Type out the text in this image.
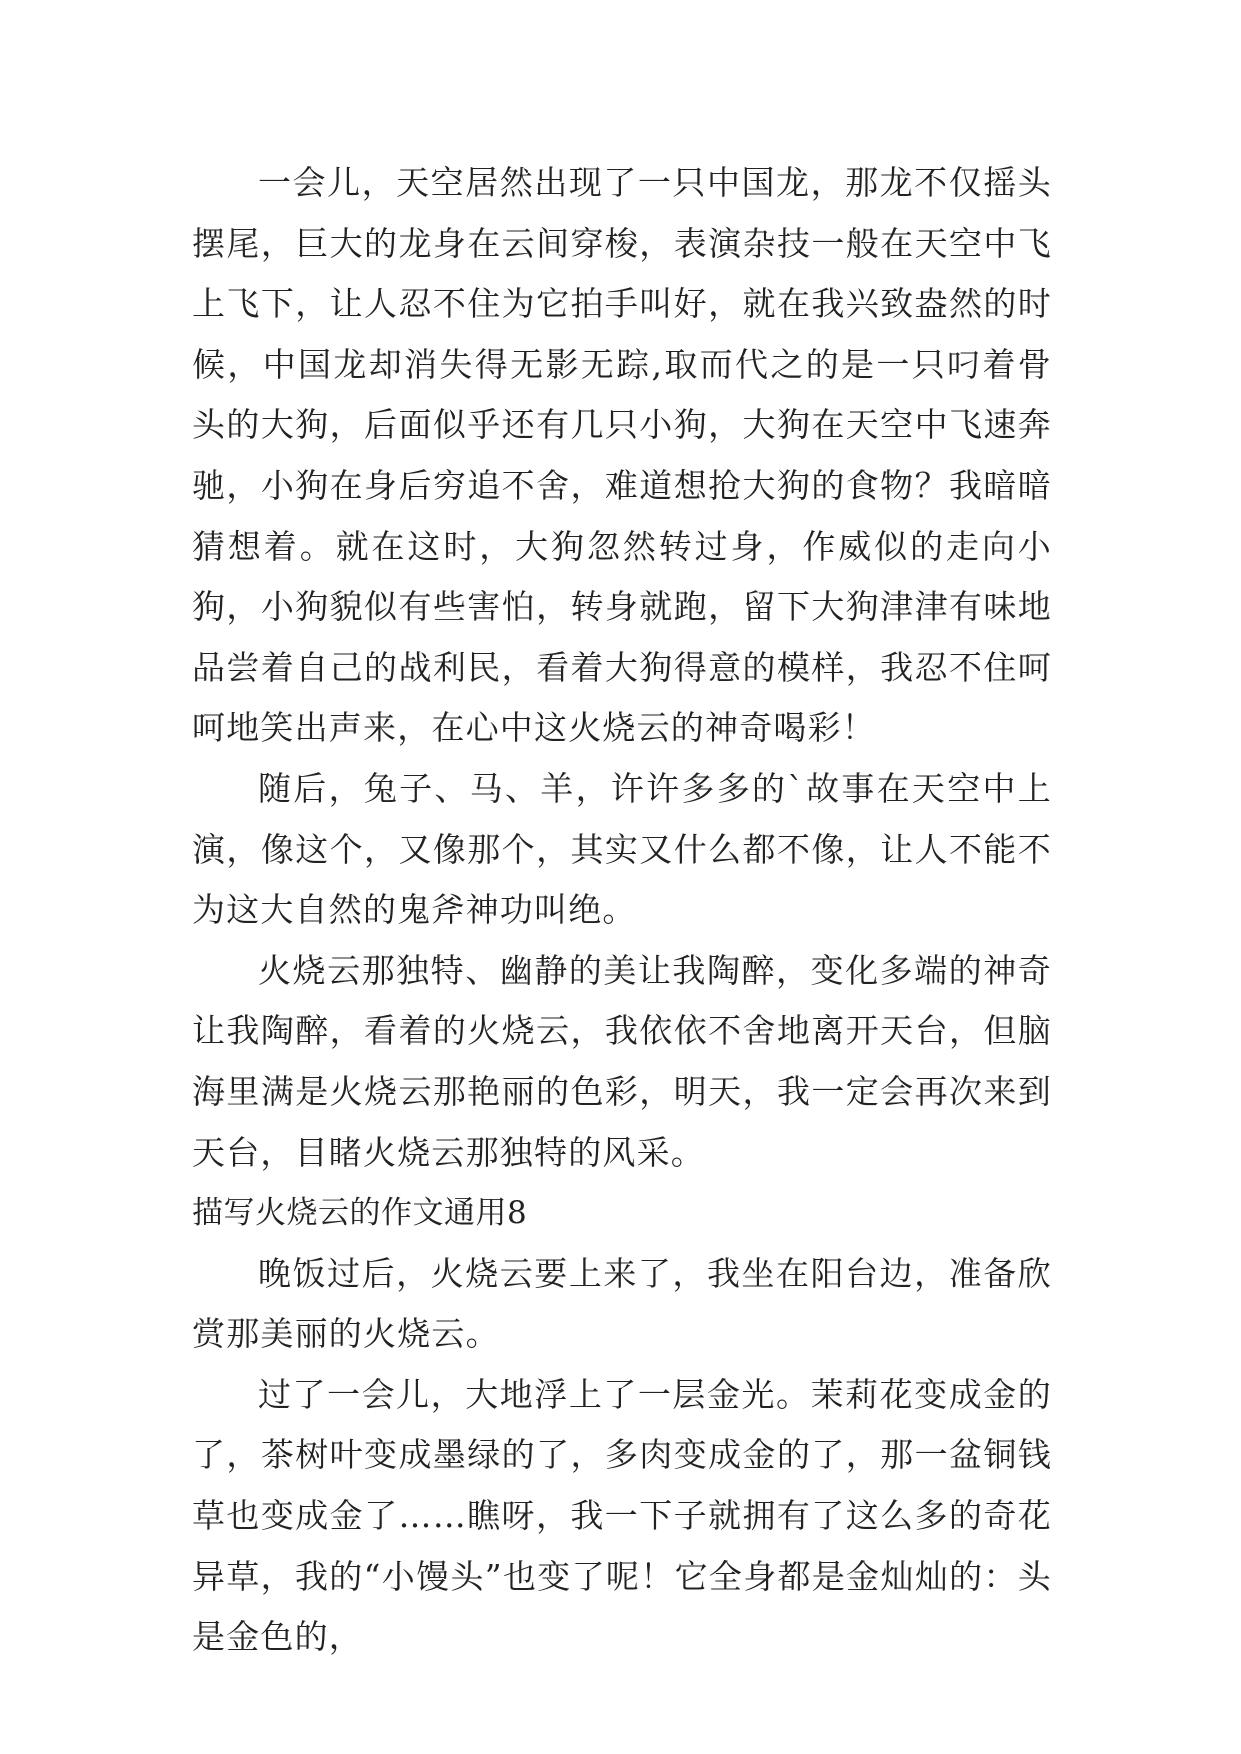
一会儿，天空居然出现了一只中国龙，那龙不仅摇头摆尾，巨大的龙身在云间穿梭，表演杂技一般在天空中飞上飞下，让人忍不住为它拍手叫好，就在我兴致盎然的时候，中国龙却消失得无影无踪,取而代之的是一只叼着骨头的大狗，后面似乎还有几只小狗，大狗在天空中飞速奔驰，小狗在身后穷追不舍，难道想抢大狗的食物？我暗暗猜想着。就在这时，大狗忽然转过身，作威似的走向小狗，小狗貌似有些害怕，转身就跑，留下大狗津津有味地品尝着自己的战利民，看着大狗得意的模样，我忍不住呵呵地笑出声来，在心中这火烧云的神奇喝彩！

随后，兔子、马、羊，许许多多的`故事在天空中上演，像这个，又像那个，其实又什么都不像，让人不能不为这大自然的鬼斧神功叫绝。

火烧云那独特、幽静的美让我陶醉，变化多端的神奇让我陶醉，看着的火烧云，我依依不舍地离开天台，但脑海里满是火烧云那艳丽的色彩，明天，我一定会再次来到天台，目睹火烧云那独特的风采。

描写火烧云的作文通用8

晚饭过后，火烧云要上来了，我坐在阳台边，准备欣赏那美丽的火烧云。

过了一会儿，大地浮上了一层金光。茉莉花变成金的了，茶树叶变成墨绿的了，多肉变成金的了，那一盆铜钱草也变成金了……瞧呀，我一下子就拥有了这么多的奇花异草，我的“小馒头”也变了呢！它全身都是金灿灿的：头是金色的，
